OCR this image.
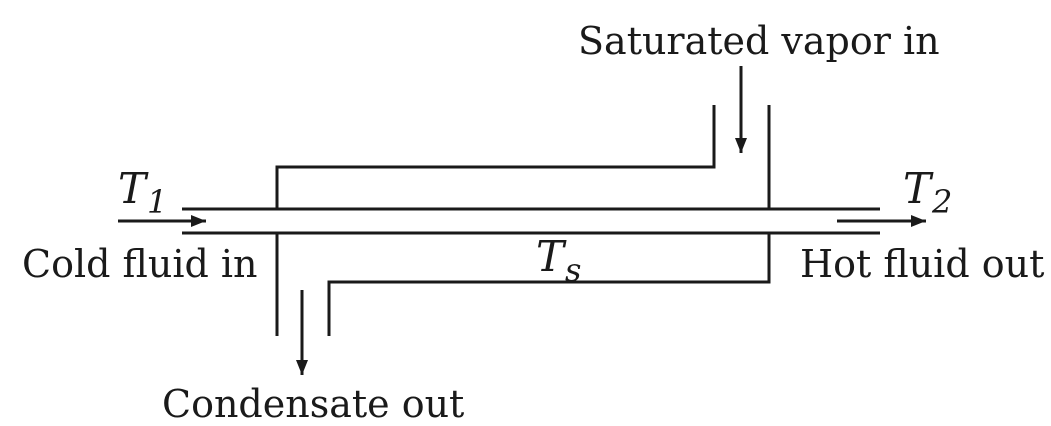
Saturated vapor in
Cold fluid in	Hot fluid out
Condensate out
$T_1$	$T_2$
$T_s$
